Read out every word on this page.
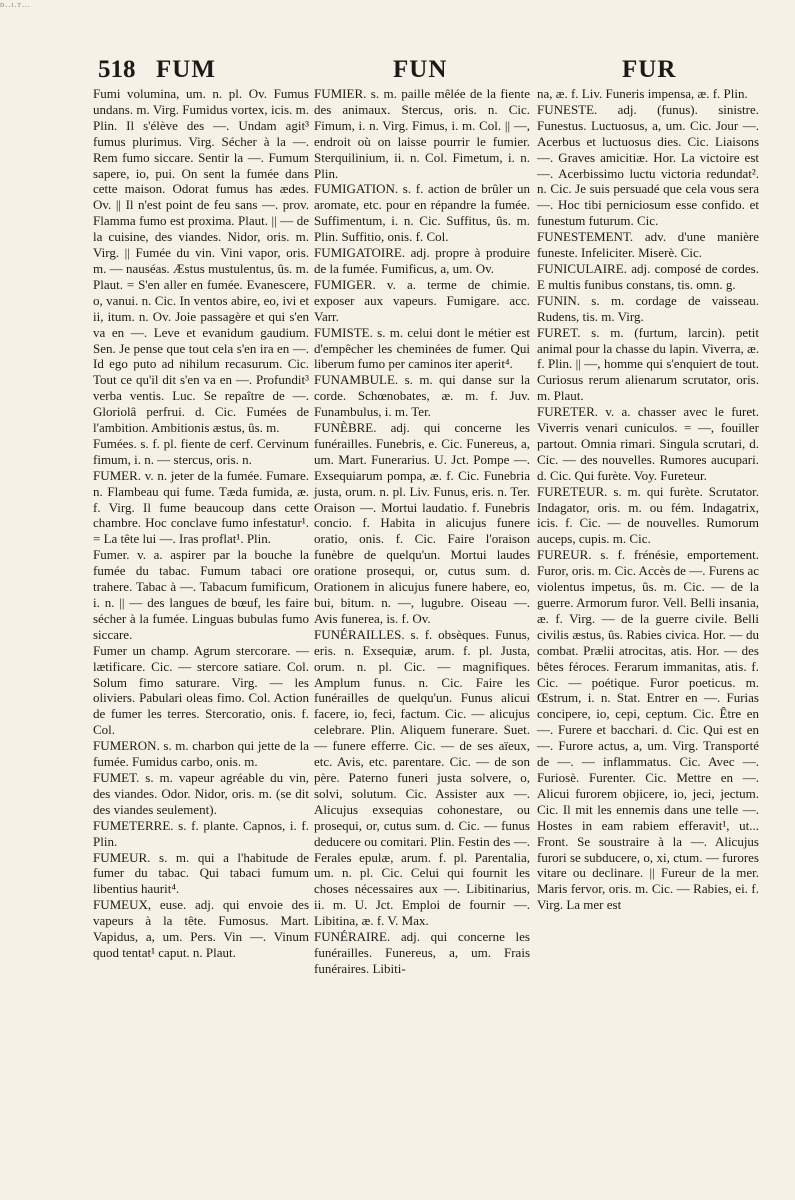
ᴅ..ɪ.ᴛ...
518 FUM	FUN	FUR

Fumi volumina, um. n. pl. Ov. Fumus undans. m. Virg. Fumidus vortex, icis. m. Plin. Il s'élève des —. Undam agit³ fumus plurimus. Virg. Sécher à la —. Rem fumo siccare. Sentir la —. Fumum sapere, io, pui. On sent la fumée dans cette maison. Odorat fumus has ædes. Ov. || Il n'est point de feu sans —. prov. Flamma fumo est proxima. Plaut. || — de la cuisine, des viandes. Nidor, oris. m. Virg. || Fumée du vin. Vini vapor, oris. m. — nauséas. Æstus mustulentus, ûs. m. Plaut. = S'en aller en fumée. Evanescere, o, vanui. n. Cic. In ventos abire, eo, ivi et ii, itum. n. Ov. Joie passagère et qui s'en va en —. Leve et evanidum gaudium. Sen. Je pense que tout cela s'en ira en —. Id ego puto ad nihilum recasurum. Cic. Tout ce qu'il dit s'en va en —. Profundit³ verba ventis. Luc. Se repaître de —. Gloriolâ perfrui. d. Cic. Fumées de l'ambition. Ambitionis æstus, ûs. m.

Fumées. s. f. pl. fiente de cerf. Cervinum fimum, i. n. — stercus, oris. n.

FUMER. v. n. jeter de la fumée. Fumare. n. Flambeau qui fume. Tæda fumida, æ. f. Virg. Il fume beaucoup dans cette chambre. Hoc conclave fumo infestatur¹. = La tête lui —. Iras proflat¹. Plin.

Fumer. v. a. aspirer par la bouche la fumée du tabac. Fumum tabaci ore trahere. Tabac à —. Tabacum fumificum, i. n. || — des langues de bœuf, les faire sécher à la fumée. Linguas bubulas fumo siccare.

Fumer un champ. Agrum stercorare. — lætificare. Cic. — stercore satiare. Col. Solum fimo saturare. Virg. — les oliviers. Pabulari oleas fimo. Col. Action de fumer les terres. Stercoratio, onis. f. Col.

FUMERON. s. m. charbon qui jette de la fumée. Fumidus carbo, onis. m.

FUMET. s. m. vapeur agréable du vin, des viandes. Odor. Nidor, oris. m. (se dit des viandes seulement).

FUMETERRE. s. f. plante. Capnos, i. f. Plin.

FUMEUR. s. m. qui a l'habitude de fumer du tabac. Qui tabaci fumum libentius haurit⁴.

FUMEUX, euse. adj. qui envoie des vapeurs à la tête. Fumosus. Mart. Vapidus, a, um. Pers. Vin —. Vinum quod tentat¹ caput. n. Plaut.

FUMIER. s. m. paille mêlée de la fiente des animaux. Stercus, oris. n. Cic. Fimum, i. n. Virg. Fimus, i. m. Col. || —, endroit où on laisse pourrir le fumier. Sterquilinium, ii. n. Col. Fimetum, i. n. Plin.

FUMIGATION. s. f. action de brûler un aromate, etc. pour en répandre la fumée. Suffimentum, i. n. Cic. Suffitus, ûs. m. Plin. Suffitio, onis. f. Col.

FUMIGATOIRE. adj. propre à produire de la fumée. Fumificus, a, um. Ov.

FUMIGER. v. a. terme de chimie. exposer aux vapeurs. Fumigare. acc. Varr.

FUMISTE. s. m. celui dont le métier est d'empêcher les cheminées de fumer. Qui liberum fumo per caminos iter aperit⁴.

FUNAMBULE. s. m. qui danse sur la corde. Schœnobates, æ. m. f. Juv. Funambulus, i. m. Ter.

FUNÈBRE. adj. qui concerne les funérailles. Funebris, e. Cic. Funereus, a, um. Mart. Funerarius. U. Jct. Pompe —. Exsequiarum pompa, æ. f. Cic. Funebria justa, orum. n. pl. Liv. Funus, eris. n. Ter. Oraison —. Mortui laudatio. f. Funebris concio. f. Habita in alicujus funere oratio, onis. f. Cic. Faire l'oraison funèbre de quelqu'un. Mortui laudes oratione prosequi, or, cutus sum. d. Orationem in alicujus funere habere, eo, bui, bitum. n. —, lugubre. Oiseau —. Avis funerea, is. f. Ov.

FUNÉRAILLES. s. f. obsèques. Funus, eris. n. Exsequiæ, arum. f. pl. Justa, orum. n. pl. Cic. — magnifiques. Amplum funus. n. Cic. Faire les funérailles de quelqu'un. Funus alicui facere, io, feci, factum. Cic. — alicujus celebrare. Plin. Aliquem funerare. Suet. — funere efferre. Cic. — de ses aïeux, etc. Avis, etc. parentare. Cic. — de son père. Paterno funeri justa solvere, o, solvi, solutum. Cic. Assister aux —. Alicujus exsequias cohonestare, ou prosequi, or, cutus sum. d. Cic. — funus deducere ou comitari. Plin. Festin des —. Ferales epulæ, arum. f. pl. Parentalia, um. n. pl. Cic. Celui qui fournit les choses nécessaires aux —. Libitinarius, ii. m. U. Jct. Emploi de fournir —. Libitina, æ. f. V. Max.

FUNÉRAIRE. adj. qui concerne les funérailles. Funereus, a, um. Frais funéraires. Libiti-

na, æ. f. Liv. Funeris impensa, æ. f. Plin.

FUNESTE. adj. (funus). sinistre. Funestus. Luctuosus, a, um. Cic. Jour —. Acerbus et luctuosus dies. Cic. Liaisons —. Graves amicitiæ. Hor. La victoire est —. Acerbissimo luctu victoria redundat². n. Cic. Je suis persuadé que cela vous sera —. Hoc tibi perniciosum esse confido. et funestum futurum. Cic.

FUNESTEMENT. adv. d'une manière funeste. Infeliciter. Miserè. Cic.

FUNICULAIRE. adj. composé de cordes. E multis funibus constans, tis. omn. g.

FUNIN. s. m. cordage de vaisseau. Rudens, tis. m. Virg.

FURET. s. m. (furtum, larcin). petit animal pour la chasse du lapin. Viverra, æ. f. Plin. || —, homme qui s'enquiert de tout. Curiosus rerum alienarum scrutator, oris. m. Plaut.

FURETER. v. a. chasser avec le furet. Viverris venari cuniculos. = —, fouiller partout. Omnia rimari. Singula scrutari, d. Cic. — des nouvelles. Rumores aucupari. d. Cic. Qui furète. Voy. Fureteur.

FURETEUR. s. m. qui furète. Scrutator. Indagator, oris. m. ou fém. Indagatrix, icis. f. Cic. — de nouvelles. Rumorum auceps, cupis. m. Cic.

FUREUR. s. f. frénésie, emportement. Furor, oris. m. Cic. Accès de —. Furens ac violentus impetus, ûs. m. Cic. — de la guerre. Armorum furor. Vell. Belli insania, æ. f. Virg. — de la guerre civile. Belli civilis æstus, ûs. Rabies civica. Hor. — du combat. Prælii atrocitas, atis. Hor. — des bêtes féroces. Ferarum immanitas, atis. f. Cic. — poétique. Furor poeticus. m. Œstrum, i. n. Stat. Entrer en —. Furias concipere, io, cepi, ceptum. Cic. Être en —. Furere et bacchari. d. Cic. Qui est en —. Furore actus, a, um. Virg. Transporté de —. — inflammatus. Cic. Avec —. Furiosè. Furenter. Cic. Mettre en —. Alicui furorem objicere, io, jeci, jectum. Cic. Il mit les ennemis dans une telle —. Hostes in eam rabiem efferavit¹, ut... Front. Se soustraire à la —. Alicujus furori se subducere, o, xi, ctum. — furores vitare ou declinare. || Fureur de la mer. Maris fervor, oris. m. Cic. — Rabies, ei. f. Virg. La mer est
